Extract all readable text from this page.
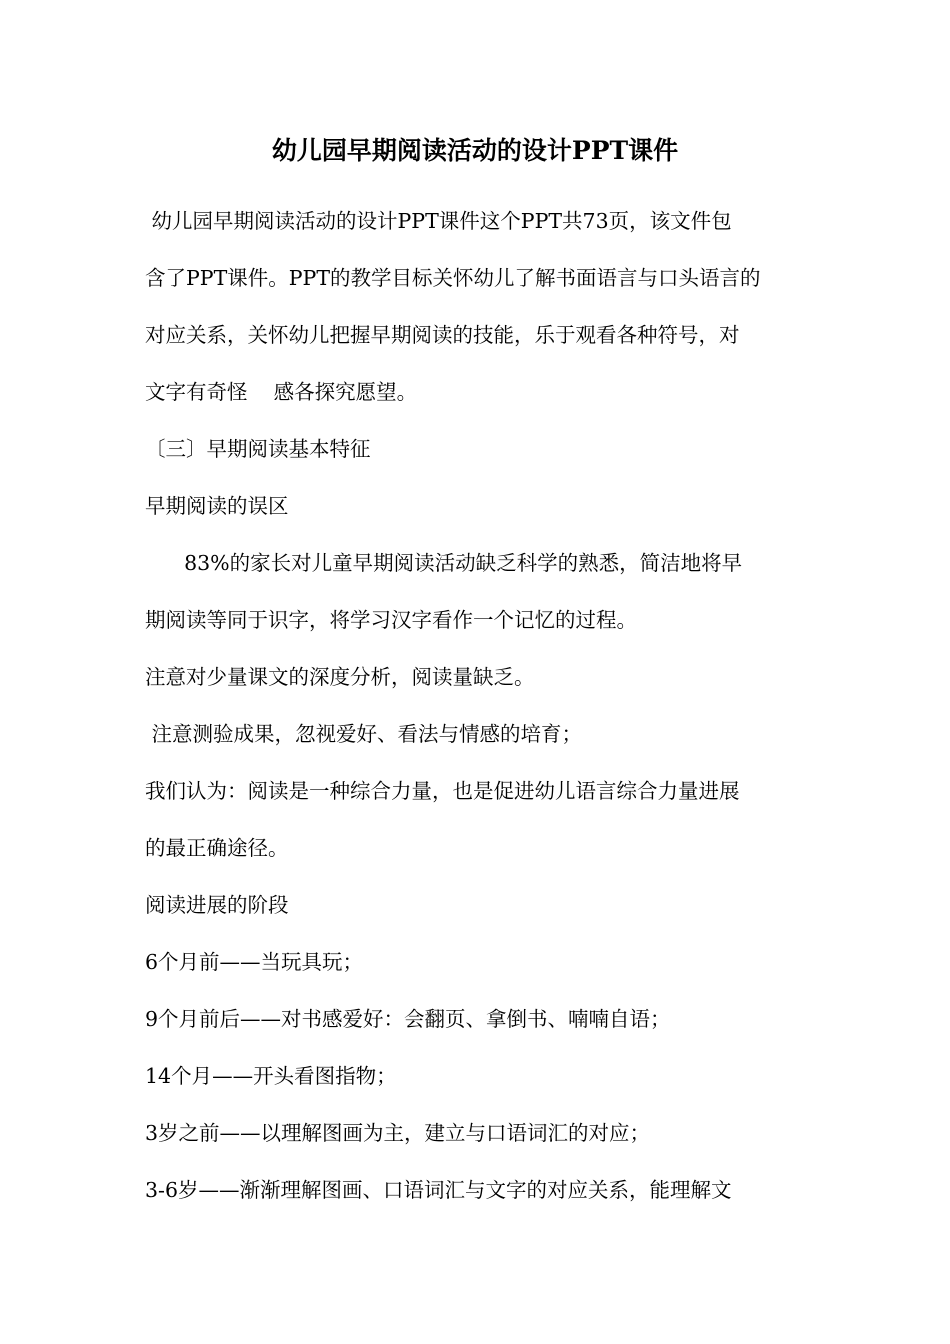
幼儿园早期阅读活动的设计PPT课件
幼儿园早期阅读活动的设计PPT课件这个PPT共73页，该文件包
含了PPT课件。PPT的教学目标关怀幼儿了解书面语言与口头语言的
对应关系，关怀幼儿把握早期阅读的技能，乐于观看各种符号，对
文字有奇怪    感各探究愿望。
〔三〕早期阅读基本特征
早期阅读的误区
83%的家长对儿童早期阅读活动缺乏科学的熟悉，简洁地将早
期阅读等同于识字，将学习汉字看作一个记忆的过程。
注意对少量课文的深度分析，阅读量缺乏。
注意测验成果，忽视爱好、看法与情感的培育；
我们认为：阅读是一种综合力量，也是促进幼儿语言综合力量进展
的最正确途径。
阅读进展的阶段
6个月前——当玩具玩；
9个月前后——对书感爱好：会翻页、拿倒书、喃喃自语；
14个月——开头看图指物；
3岁之前——以理解图画为主，建立与口语词汇的对应；
3-6岁——渐渐理解图画、口语词汇与文字的对应关系，能理解文
